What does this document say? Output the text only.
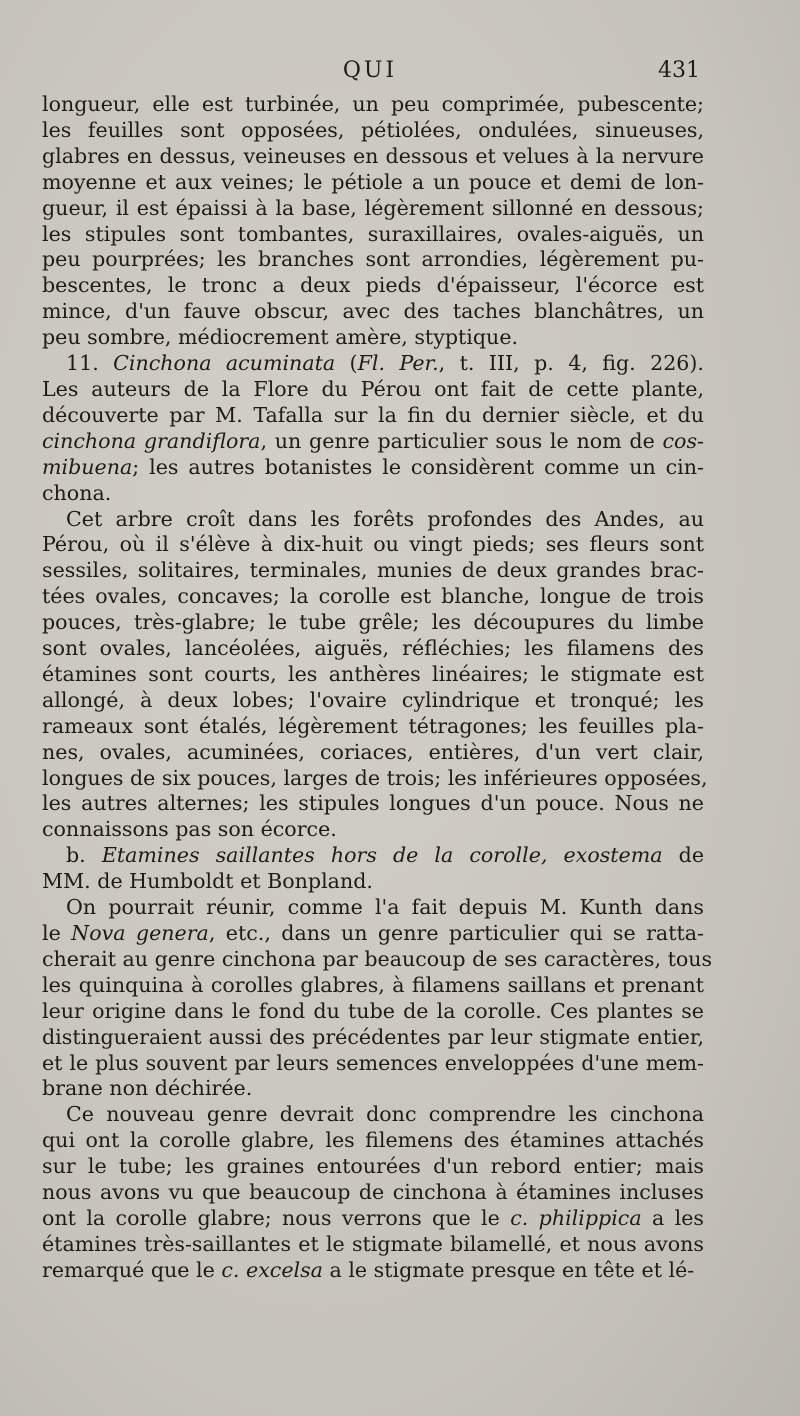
QUI	431

longueur, elle est turbinée, un peu comprimée, pubescente;
les feuilles sont opposées, pétiolées, ondulées, sinueuses,
glabres en dessus, veineuses en dessous et velues à la nervure
moyenne et aux veines; le pétiole a un pouce et demi de lon-
gueur, il est épaissi à la base, légèrement sillonné en dessous;
les stipules sont tombantes, suraxillaires, ovales-aiguës, un
peu pourprées; les branches sont arrondies, légèrement pu-
bescentes, le tronc a deux pieds d'épaisseur, l'écorce est
mince, d'un fauve obscur, avec des taches blanchâtres, un
peu sombre, médiocrement amère, styptique.

11. Cinchona acuminata (Fl. Per., t. III, p. 4, fig. 226).
Les auteurs de la Flore du Pérou ont fait de cette plante,
découverte par M. Tafalla sur la fin du dernier siècle, et du
cinchona grandiflora, un genre particulier sous le nom de cos-
mibuena; les autres botanistes le considèrent comme un cin-
chona.

Cet arbre croît dans les forêts profondes des Andes, au
Pérou, où il s'élève à dix-huit ou vingt pieds; ses fleurs sont
sessiles, solitaires, terminales, munies de deux grandes brac-
tées ovales, concaves; la corolle est blanche, longue de trois
pouces, très-glabre; le tube grêle; les découpures du limbe
sont ovales, lancéolées, aiguës, réfléchies; les filamens des
étamines sont courts, les anthères linéaires; le stigmate est
allongé, à deux lobes; l'ovaire cylindrique et tronqué; les
rameaux sont étalés, légèrement tétragones; les feuilles pla-
nes, ovales, acuminées, coriaces, entières, d'un vert clair,
longues de six pouces, larges de trois; les inférieures opposées,
les autres alternes; les stipules longues d'un pouce. Nous ne
connaissons pas son écorce.

b. Etamines saillantes hors de la corolle, exostema de
MM. de Humboldt et Bonpland.

On pourrait réunir, comme l'a fait depuis M. Kunth dans
le Nova genera, etc., dans un genre particulier qui se ratta-
cherait au genre cinchona par beaucoup de ses caractères, tous
les quinquina à corolles glabres, à filamens saillans et prenant
leur origine dans le fond du tube de la corolle. Ces plantes se
distingueraient aussi des précédentes par leur stigmate entier,
et le plus souvent par leurs semences enveloppées d'une mem-
brane non déchirée.

Ce nouveau genre devrait donc comprendre les cinchona
qui ont la corolle glabre, les filemens des étamines attachés
sur le tube; les graines entourées d'un rebord entier; mais
nous avons vu que beaucoup de cinchona à étamines incluses
ont la corolle glabre; nous verrons que le c. philippica a les
étamines très-saillantes et le stigmate bilamellé, et nous avons
remarqué que le c. excelsa a le stigmate presque en tête et lé-
